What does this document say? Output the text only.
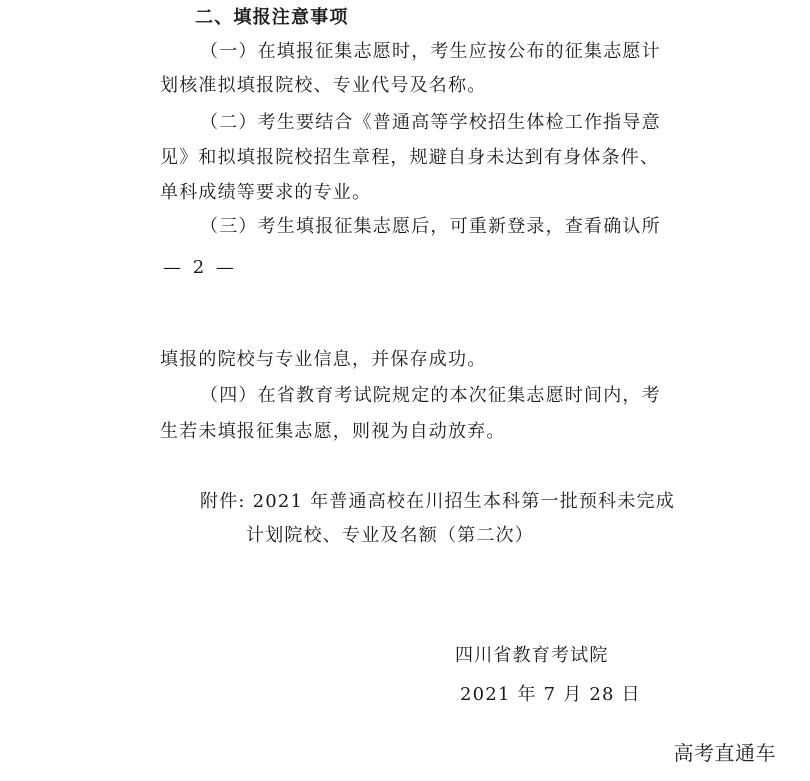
二、填报注意事项
（一）在填报征集志愿时，考生应按公布的征集志愿计
划核准拟填报院校、专业代号及名称。
（二）考生要结合《普通高等学校招生体检工作指导意
见》和拟填报院校招生章程，规避自身未达到有身体条件、
单科成绩等要求的专业。
（三）考生填报征集志愿后，可重新登录，查看确认所
— 2 —
填报的院校与专业信息，并保存成功。
（四）在省教育考试院规定的本次征集志愿时间内，考
生若未填报征集志愿，则视为自动放弃。
附件: 2021 年普通高校在川招生本科第一批预科未完成
计划院校、专业及名额（第二次）
四川省教育考试院
2021 年 7 月 28 日
高考直通车
